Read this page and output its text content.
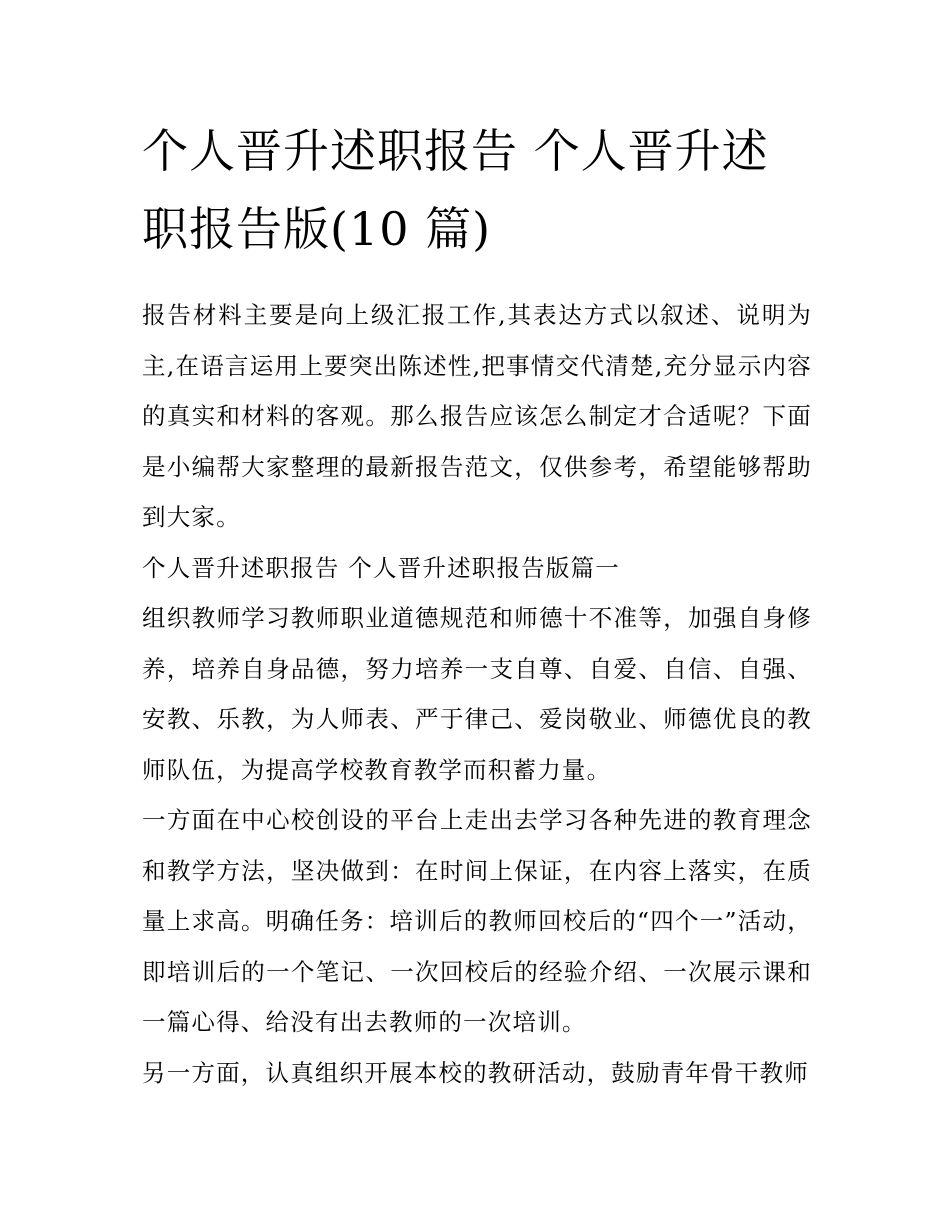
个人晋升述职报告 个人晋升述职报告版(10 篇)

报告材料主要是向上级汇报工作,其表达方式以叙述、说明为主,在语言运用上要突出陈述性,把事情交代清楚,充分显示内容的真实和材料的客观。那么报告应该怎么制定才合适呢？下面是小编帮大家整理的最新报告范文，仅供参考，希望能够帮助到大家。

个人晋升述职报告 个人晋升述职报告版篇一

组织教师学习教师职业道德规范和师德十不准等，加强自身修养，培养自身品德，努力培养一支自尊、自爱、自信、自强、安教、乐教，为人师表、严于律己、爱岗敬业、师德优良的教师队伍，为提高学校教育教学而积蓄力量。

一方面在中心校创设的平台上走出去学习各种先进的教育理念和教学方法，坚决做到：在时间上保证，在内容上落实，在质量上求高。明确任务：培训后的教师回校后的“四个一”活动，即培训后的一个笔记、一次回校后的经验介绍、一次展示课和一篇心得、给没有出去教师的一次培训。

另一方面，认真组织开展本校的教研活动，鼓励青年骨干教师
